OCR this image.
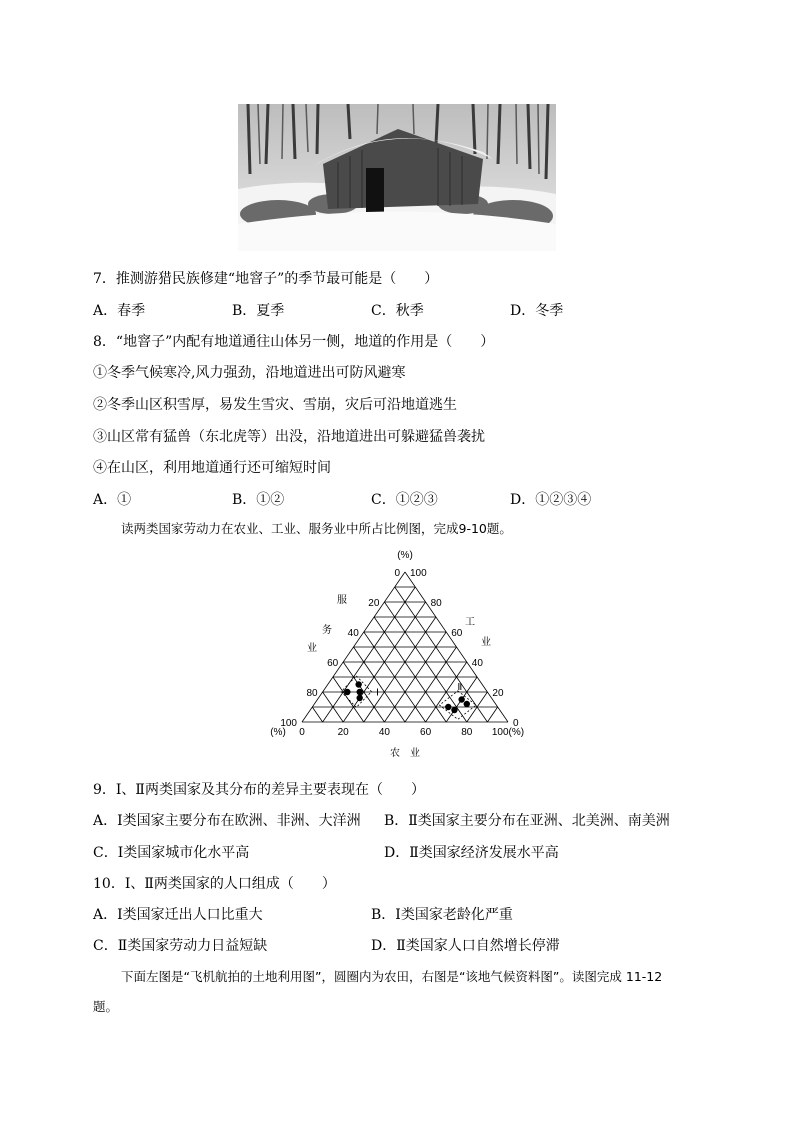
7．推测游猎民族修建“地窨子”的季节最可能是（　　）
A．春季	B．夏季	C．秋季	D．冬季
8．“地窨子”内配有地道通往山体另一侧，地道的作用是（　　）
①冬季气候寒冷,风力强劲，沿地道进出可防风避寒
②冬季山区积雪厚，易发生雪灾、雪崩，灾后可沿地道逃生
③山区常有猛兽（东北虎等）出没，沿地道进出可躲避猛兽袭扰
④在山区，利用地道通行还可缩短时间
A．①	B．①②	C．①②③	D．①②③④
读两类国家劳动力在农业、工业、服务业中所占比例图，完成9-10题。
0	20	40	60	80 100(%)
0
20
40
60
80
100	0
20
40
60
80
100
(%)
(%)
农　业
服
务
业
工
业
Ⅰ
Ⅱ
9．Ⅰ、Ⅱ两类国家及其分布的差异主要表现在（　　）
A．Ⅰ类国家主要分布在欧洲、非洲、大洋洲 B．Ⅱ类国家主要分布在亚洲、北美洲、南美洲
C．Ⅰ类国家城市化水平高	D．Ⅱ类国家经济发展水平高
10．Ⅰ、Ⅱ两类国家的人口组成（　　）
A．Ⅰ类国家迁出人口比重大	B．Ⅰ类国家老龄化严重
C．Ⅱ类国家劳动力日益短缺	D．Ⅱ类国家人口自然增长停滞
下面左图是“飞机航拍的土地利用图”，圆圈内为农田，右图是“该地气候资料图”。读图完成 11-12
题。
